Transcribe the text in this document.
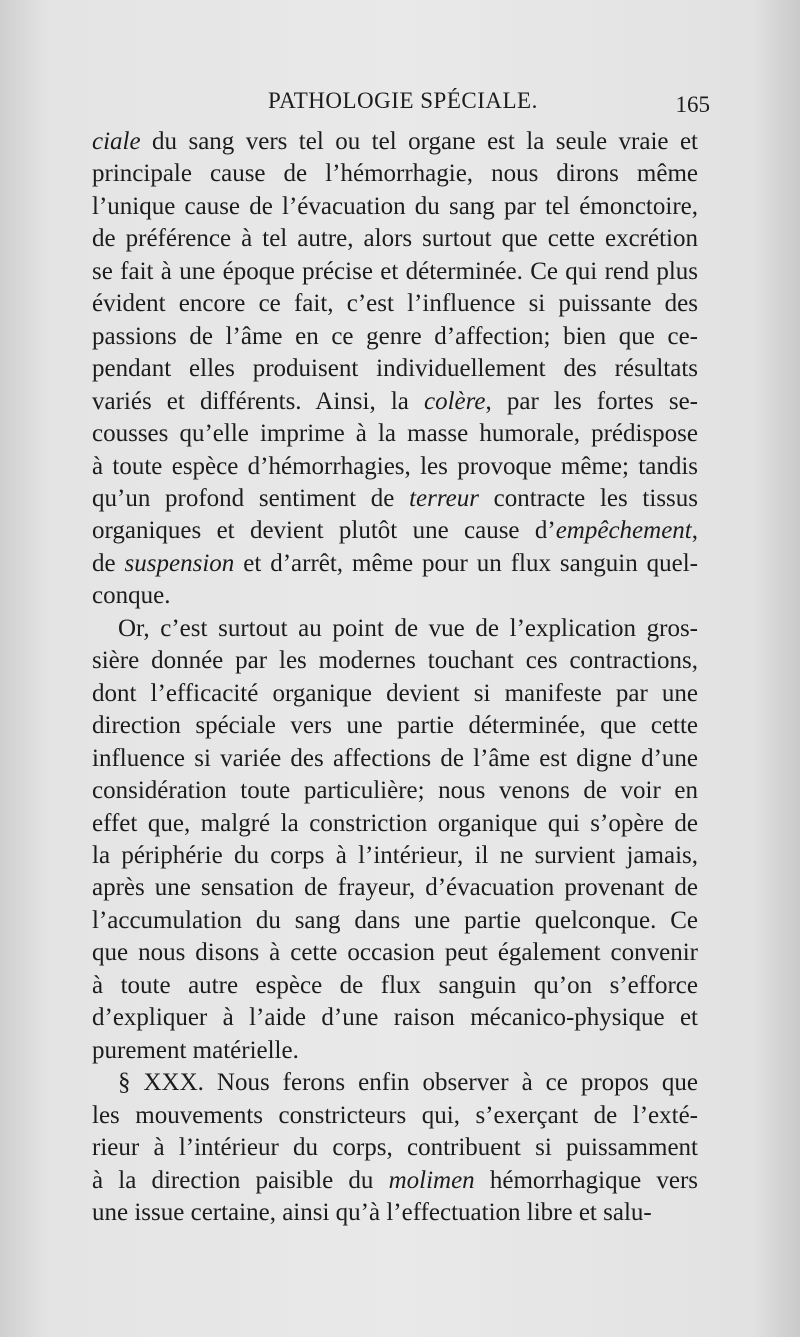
PATHOLOGIE SPÉCIALE.	165
ciale du sang vers tel ou tel organe est la seule vraie et
principale cause de l’hémorrhagie, nous dirons même
l’unique cause de l’évacuation du sang par tel émonctoire,
de préférence à tel autre, alors surtout que cette excrétion
se fait à une époque précise et déterminée. Ce qui rend plus
évident encore ce fait, c’est l’influence si puissante des
passions de l’âme en ce genre d’affection; bien que ce-
pendant elles produisent individuellement des résultats
variés et différents. Ainsi, la colère, par les fortes se-
cousses qu’elle imprime à la masse humorale, prédispose
à toute espèce d’hémorrhagies, les provoque même; tandis
qu’un profond sentiment de terreur contracte les tissus
organiques et devient plutôt une cause d’empêchement,
de suspension et d’arrêt, même pour un flux sanguin quel-
conque.
Or, c’est surtout au point de vue de l’explication gros-
sière donnée par les modernes touchant ces contractions,
dont l’efficacité organique devient si manifeste par une
direction spéciale vers une partie déterminée, que cette
influence si variée des affections de l’âme est digne d’une
considération toute particulière; nous venons de voir en
effet que, malgré la constriction organique qui s’opère de
la périphérie du corps à l’intérieur, il ne survient jamais,
après une sensation de frayeur, d’évacuation provenant de
l’accumulation du sang dans une partie quelconque. Ce
que nous disons à cette occasion peut également convenir
à toute autre espèce de flux sanguin qu’on s’efforce
d’expliquer à l’aide d’une raison mécanico-physique et
purement matérielle.
§ XXX. Nous ferons enfin observer à ce propos que
les mouvements constricteurs qui, s’exerçant de l’exté-
rieur à l’intérieur du corps, contribuent si puissamment
à la direction paisible du molimen hémorrhagique vers
une issue certaine, ainsi qu’à l’effectuation libre et salu-
